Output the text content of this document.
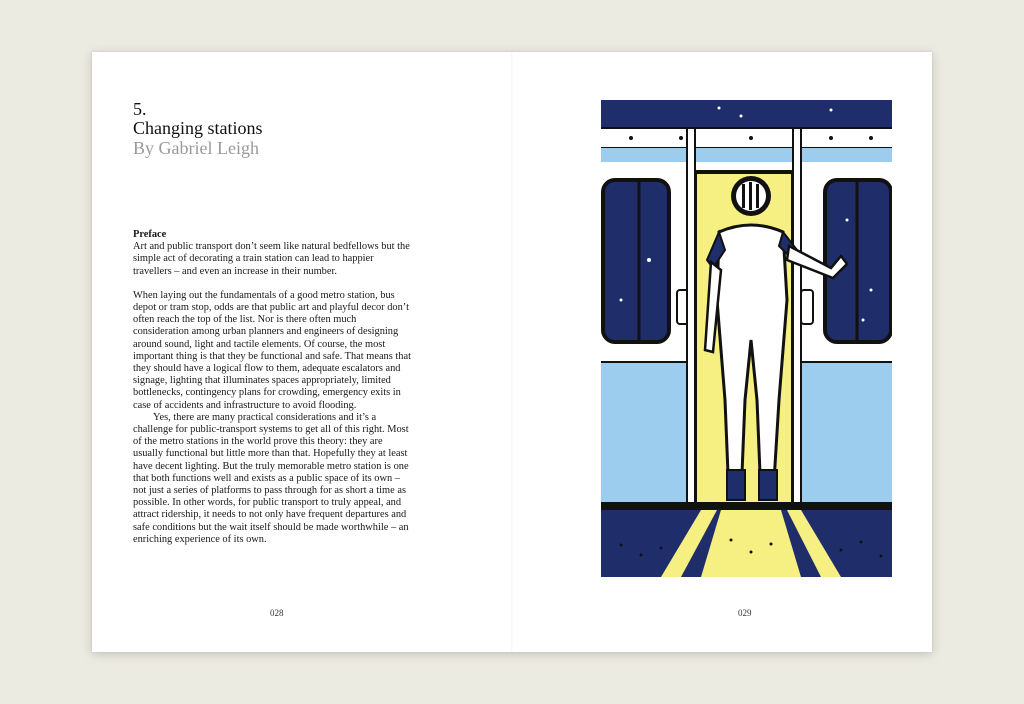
5.
Changing stations
By Gabriel Leigh

Preface

Art and public transport don’t seem like natural bedfellows but the simple act of decorating a train station can lead to happier travellers – and even an increase in their number.

When laying out the fundamentals of a good metro station, bus depot or tram stop, odds are that public art and playful decor don’t often reach the top of the list. Nor is there often much consideration among urban planners and engineers of designing around sound, light and tactile elements. Of course, the most important thing is that they be functional and safe. That means that they should have a logical flow to them, adequate escalators and signage, lighting that illuminates spaces appropriately, limited bottlenecks, contingency plans for crowding, emergency exits in case of accidents and infrastructure to avoid flooding.

Yes, there are many practical considerations and it’s a challenge for public-transport systems to get all of this right. Most of the metro stations in the world prove this theory: they are usually functional but little more than that. Hopefully they at least have decent lighting. But the truly memorable metro station is one that both functions well and exists as a public space of its own – not just a series of platforms to pass through for as short a time as possible. In other words, for public transport to truly appeal, and attract ridership, it needs to not only have frequent departures and safe conditions but the wait itself should be made worthwhile – an enriching experience of its own.

028	029
